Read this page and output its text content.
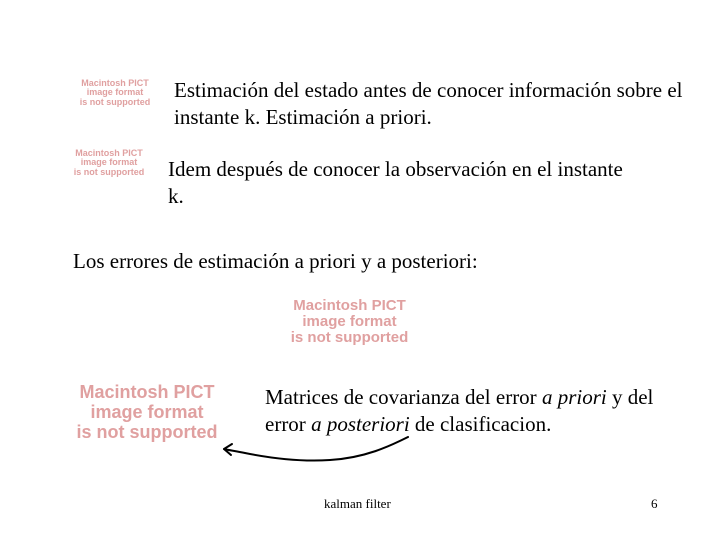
Macintosh PICT
image format
is not supported	Estimación del estado antes de conocer información sobre el instante k. Estimación a priori.
Macintosh PICT
image format
is not supported	Idem después de conocer la observación en el instante k.
Los errores de estimación a priori y a posteriori:
Macintosh PICT
image format
is not supported
Macintosh PICT
image format
is not supported
Matrices de covarianza del error a priori y del error a posteriori de clasificacion.
kalman filter	6
